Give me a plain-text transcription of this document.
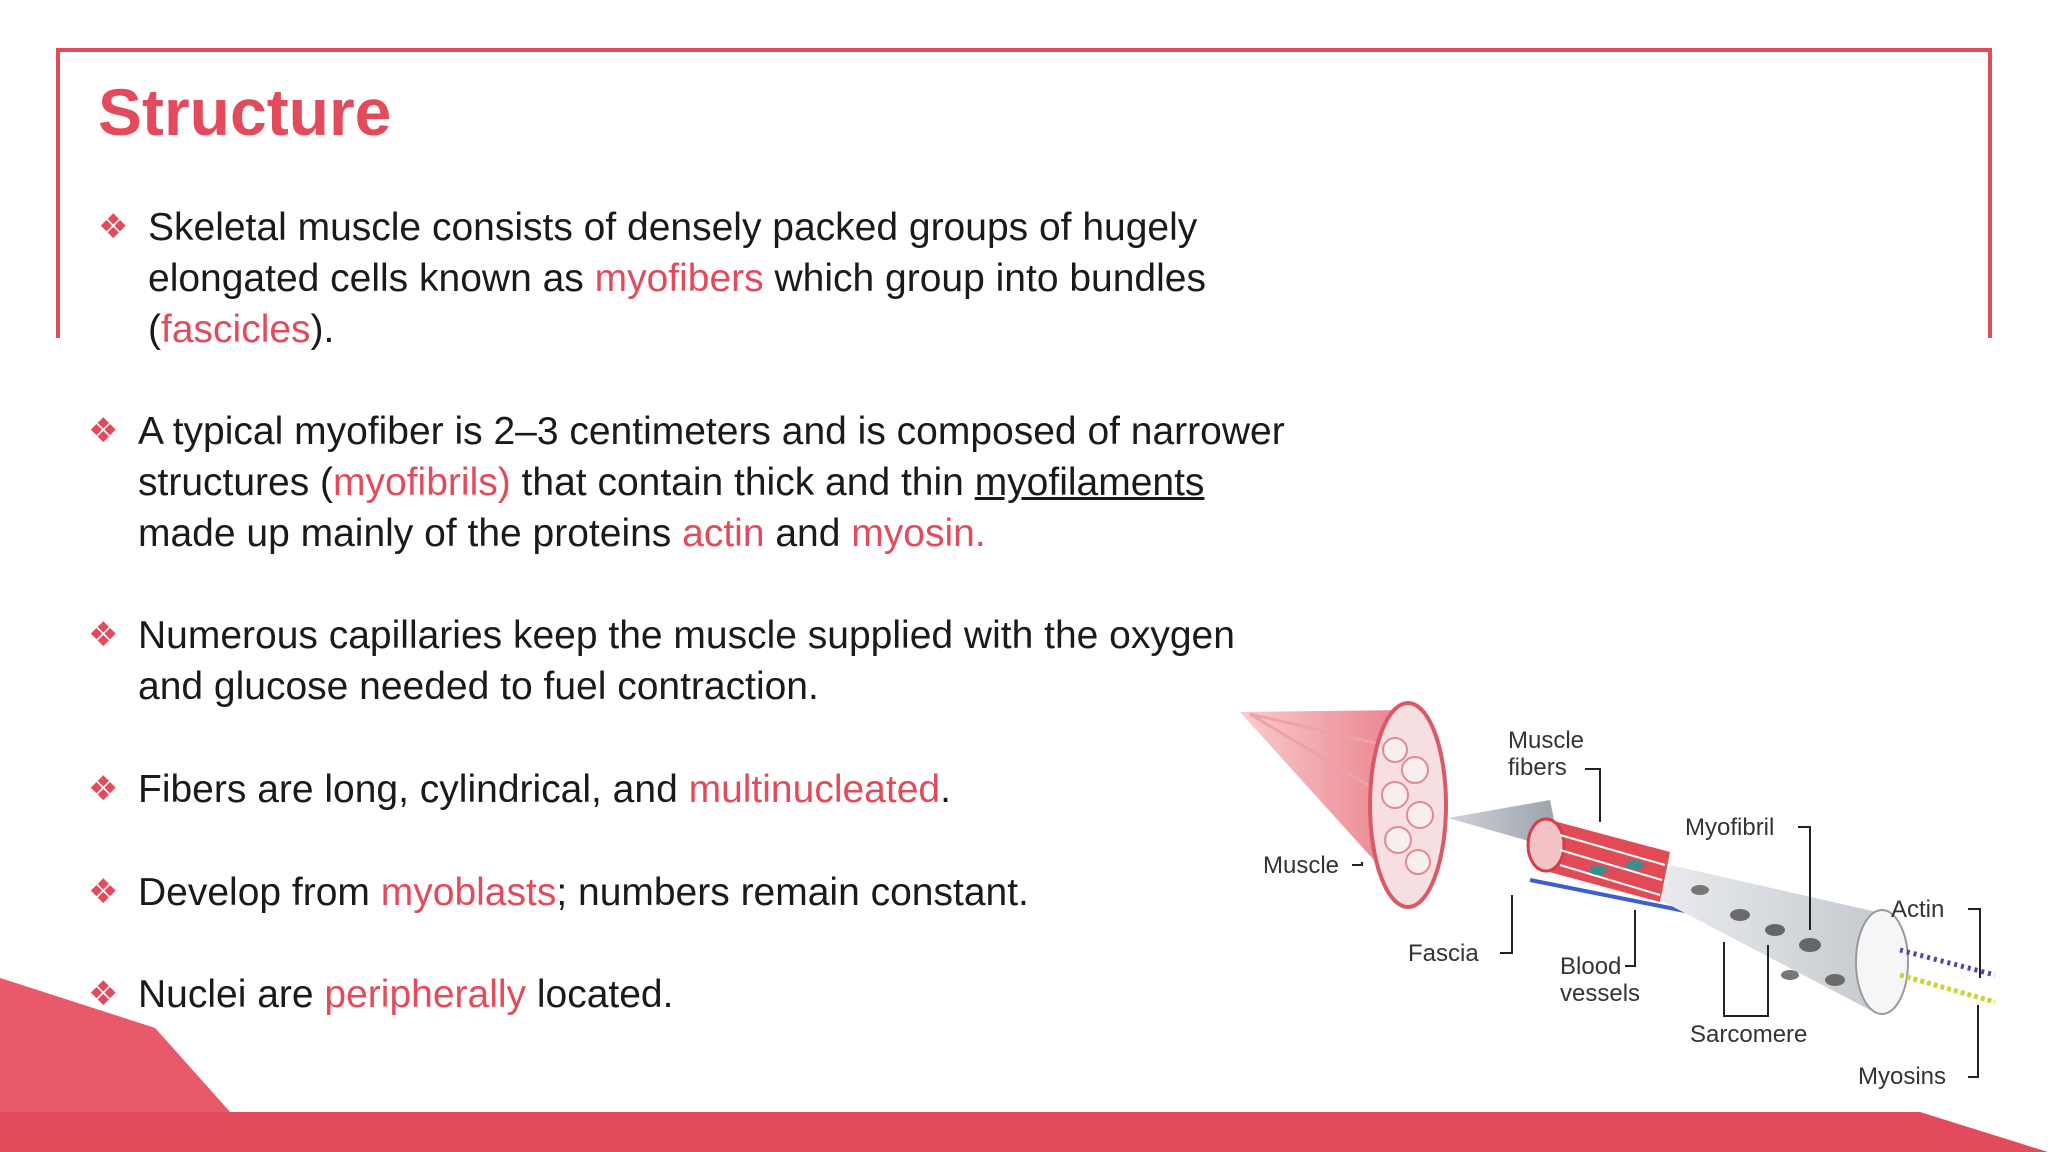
Structure
❖ Skeletal muscle consists of densely packed groups of hugely
elongated cells known as myofibers which group into bundles
(fascicles).
❖ A typical myofiber is 2–3 centimeters and is composed of narrower
structures (myofibrils) that contain thick and thin myofilaments
made up mainly of the proteins actin and myosin.
❖ Numerous capillaries keep the muscle supplied with the oxygen
and glucose needed to fuel contraction.
❖ Fibers are long, cylindrical, and multinucleated.
❖ Develop from myoblasts; numbers remain constant.
❖ Nuclei are peripherally located.
Muscle
Muscle
fibers
Fascia	Blood
vessels
Myofibril
Sarcomere
Actin
Myosins
